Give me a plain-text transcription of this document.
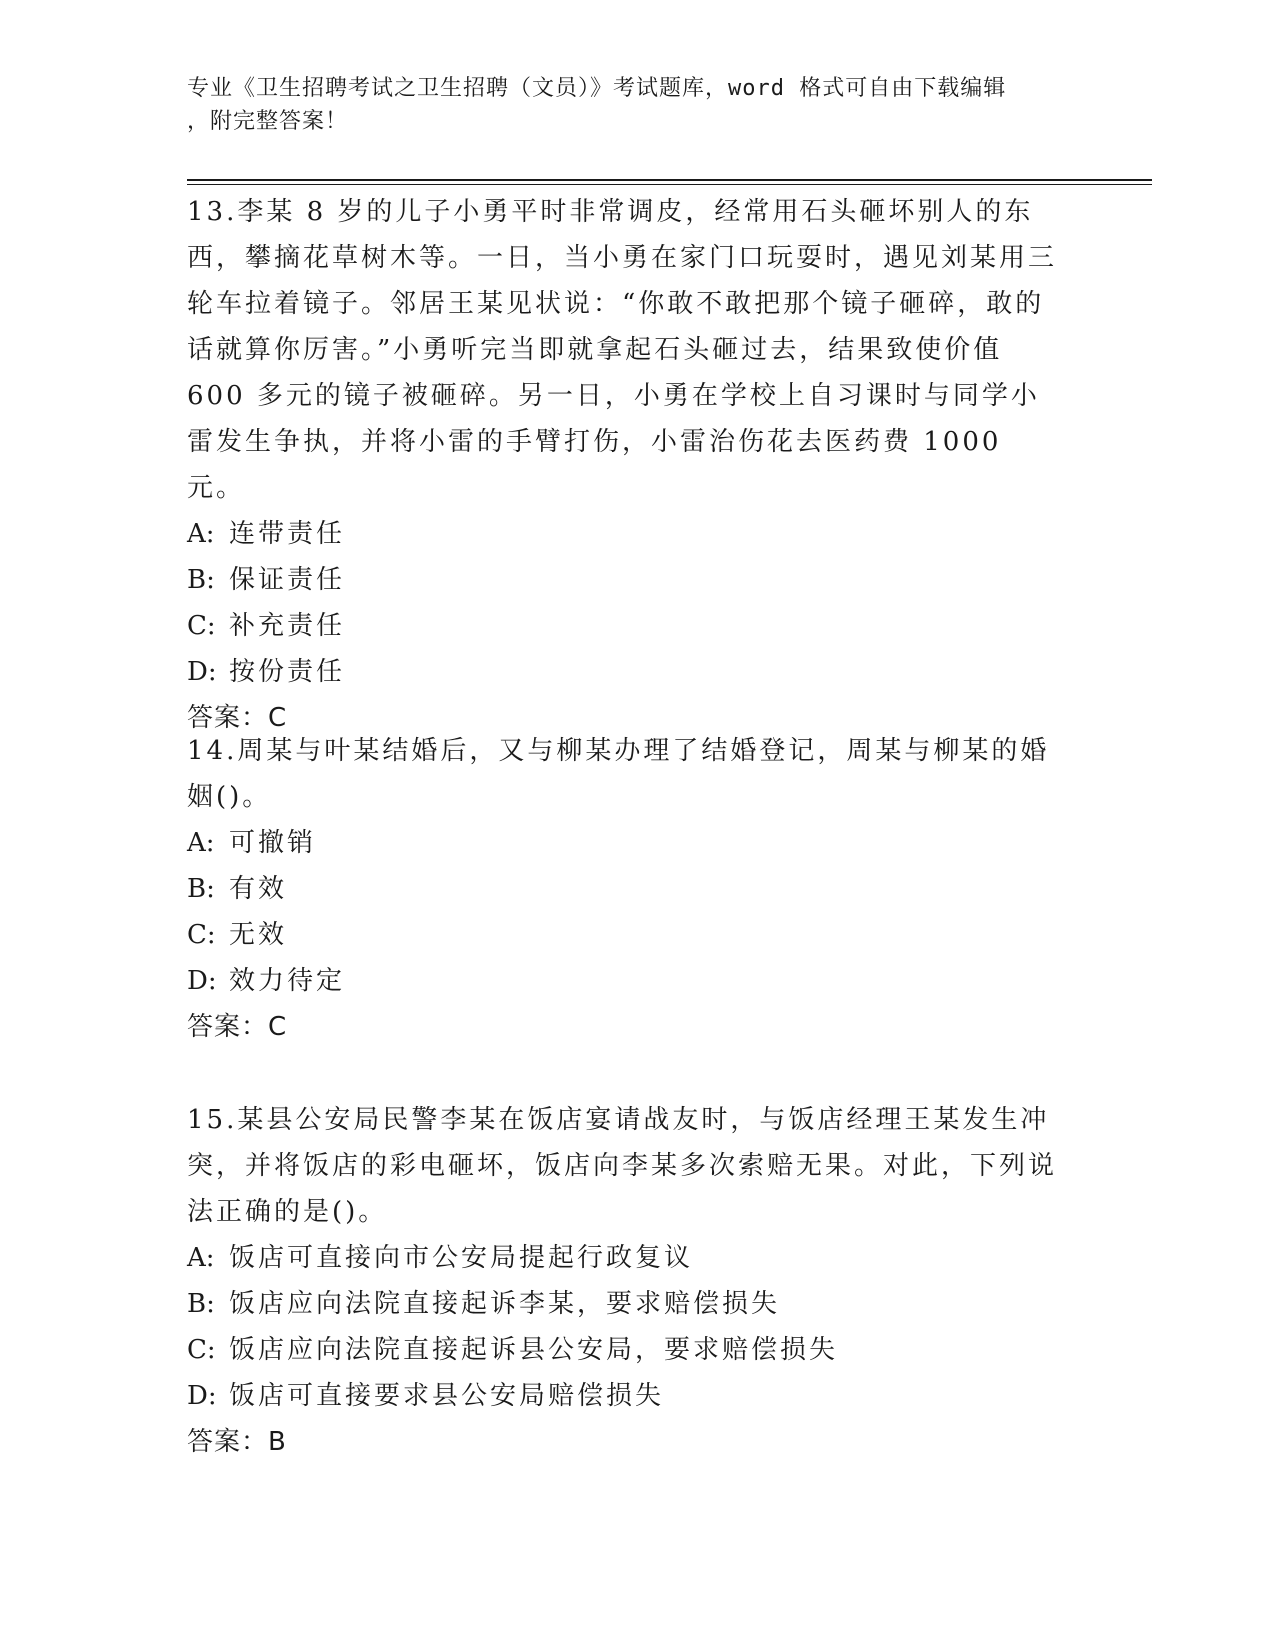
专业《卫生招聘考试之卫生招聘（文员）》考试题库，word 格式可自由下载编辑
，附完整答案！

13.李某 8 岁的儿子小勇平时非常调皮，经常用石头砸坏别人的东西，攀摘花草树木等。一日，当小勇在家门口玩耍时，遇见刘某用三轮车拉着镜子。邻居王某见状说：“你敢不敢把那个镜子砸碎，敢的话就算你厉害。”小勇听完当即就拿起石头砸过去，结果致使价值 600 多元的镜子被砸碎。另一日，小勇在学校上自习课时与同学小雷发生争执，并将小雷的手臂打伤，小雷治伤花去医药费 1000 元。

A: 连带责任
B: 保证责任
C: 补充责任
D: 按份责任
答案：C

14.周某与叶某结婚后，又与柳某办理了结婚登记，周某与柳某的婚姻()。

A: 可撤销
B: 有效
C: 无效
D: 效力待定
答案：C

15.某县公安局民警李某在饭店宴请战友时，与饭店经理王某发生冲突，并将饭店的彩电砸坏，饭店向李某多次索赔无果。对此，下列说法正确的是()。

A: 饭店可直接向市公安局提起行政复议
B: 饭店应向法院直接起诉李某，要求赔偿损失
C: 饭店应向法院直接起诉县公安局，要求赔偿损失
D: 饭店可直接要求县公安局赔偿损失
答案：B
